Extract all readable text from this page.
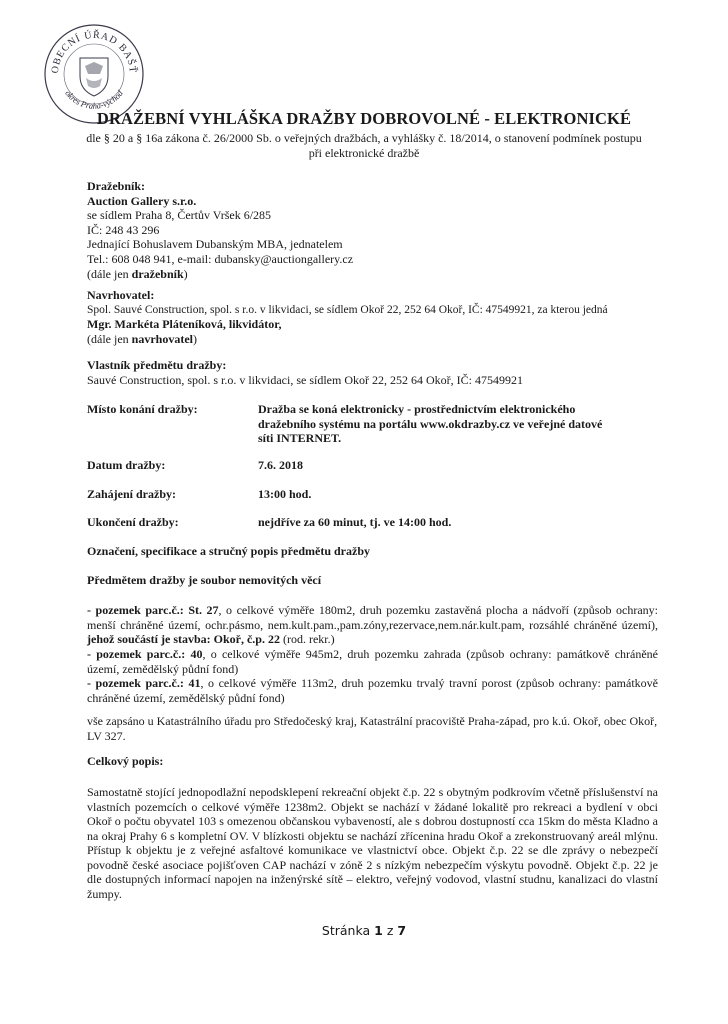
OBECNÍ ÚŘAD BAŠŤ
okres Praha-východ
DRAŽEBNÍ VYHLÁŠKA DRAŽBY DOBROVOLNÉ - ELEKTRONICKÉ
dle § 20 a § 16a zákona č. 26/2000 Sb. o veřejných dražbách, a vyhlášky č. 18/2014, o stanovení podmínek postupu při elektronické dražbě
Dražebník:
Auction Gallery s.r.o.
se sídlem Praha 8, Čertův Vršek 6/285
IČ: 248 43 296
Jednající Bohuslavem Dubanským MBA, jednatelem
Tel.: 608 048 941, e-mail: dubansky@auctiongallery.cz
(dále jen dražebník)
Navrhovatel:
Spol. Sauvé Construction, spol. s r.o. v likvidaci, se sídlem Okoř 22, 252 64 Okoř, IČ: 47549921, za kterou jedná
Mgr. Markéta Pláteníková, likvidátor,
(dále jen navrhovatel)
Vlastník předmětu dražby:
Sauvé Construction, spol. s r.o. v likvidaci, se sídlem Okoř 22, 252 64 Okoř, IČ: 47549921
Místo konání dražby:	Dražba se koná elektronicky - prostřednictvím elektronického dražebního systému na portálu www.okdrazby.cz ve veřejné datové síti INTERNET.
Datum dražby:	7.6. 2018
Zahájení dražby:	13:00 hod.
Ukončení dražby:	nejdříve za 60 minut, tj. ve 14:00 hod.
Označení, specifikace a stručný popis předmětu dražby
Předmětem dražby je soubor nemovitých věcí
- pozemek parc.č.: St. 27, o celkové výměře 180m2, druh pozemku zastavěná plocha a nádvoří (způsob ochrany: menší chráněné území, ochr.pásmo, nem.kult.pam.,pam.zóny,rezervace,nem.nár.kult.pam, rozsáhlé chráněné území), jehož součástí je stavba: Okoř, č.p. 22 (rod. rekr.)
- pozemek parc.č.: 40, o celkové výměře 945m2, druh pozemku zahrada (způsob ochrany: památkově chráněné území, zemědělský půdní fond)
- pozemek parc.č.: 41, o celkové výměře 113m2, druh pozemku trvalý travní porost (způsob ochrany: památkově chráněné území, zemědělský půdní fond)
vše zapsáno u Katastrálního úřadu pro Středočeský kraj, Katastrální pracoviště Praha-západ, pro k.ú. Okoř, obec Okoř, LV 327.
Celkový popis:
Samostatně stojící jednopodlažní nepodsklepení rekreační objekt č.p. 22 s obytným podkrovím včetně příslušenství na vlastních pozemcích o celkové výměře 1238m2. Objekt se nachází v žádané lokalitě pro rekreaci a bydlení v obci Okoř o počtu obyvatel 103 s omezenou občanskou vybaveností, ale s dobrou dostupností cca 15km do města Kladno a na okraj Prahy 6 s kompletní OV. V blízkosti objektu se nachází zřícenina hradu Okoř a zrekonstruovaný areál mlýnu. Přístup k objektu je z veřejné asfaltové komunikace ve vlastnictví obce. Objekt č.p. 22 se dle zprávy o nebezpečí povodně české asociace pojišťoven CAP nachází v zóně 2 s nízkým nebezpečím výskytu povodně. Objekt č.p. 22 je dle dostupných informací napojen na inženýrské sítě – elektro, veřejný vodovod, vlastní studnu, kanalizaci do vlastní žumpy.
Stránka 1 z 7
